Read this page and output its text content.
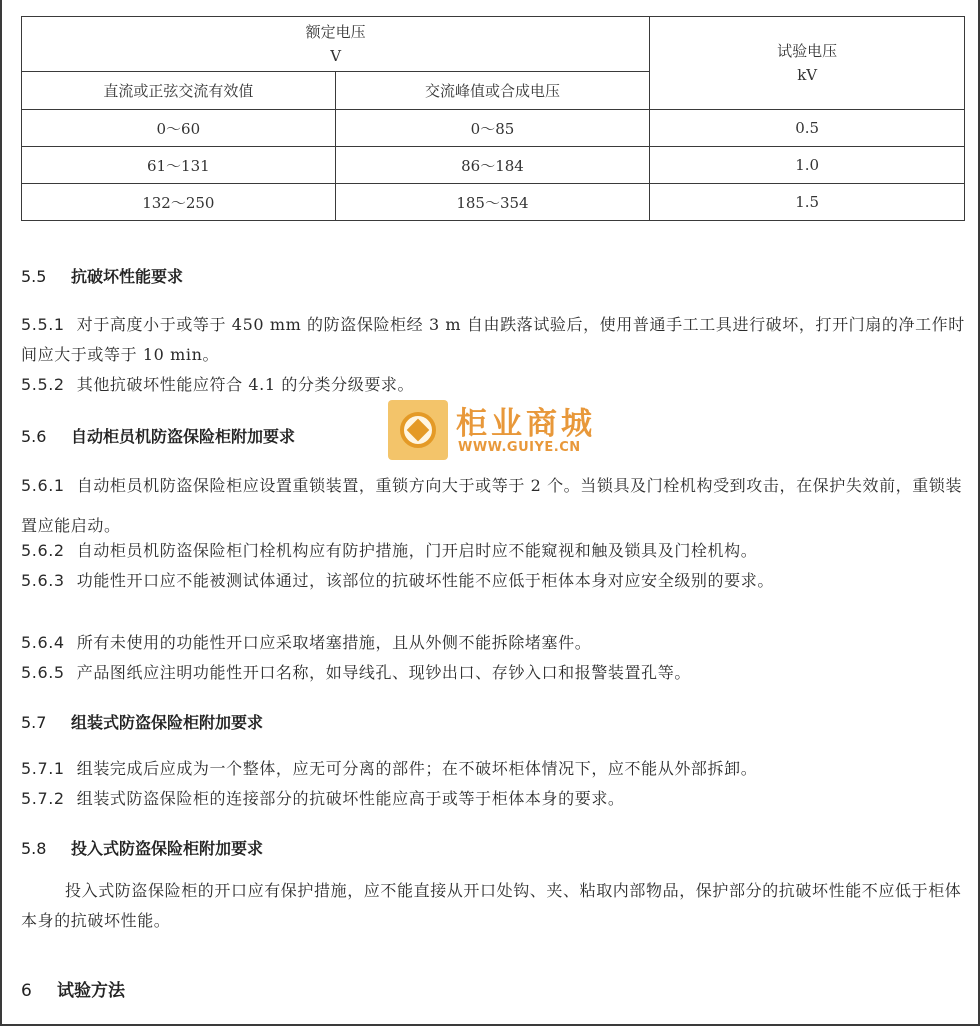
额定电压
V		试验电压
kV

直流或正弦交流有效值	交流峰值或合成电压	
0～60	0～85	0.5
61～131	86～184	1.0
132～250	185～354	1.5
5.5 抗破坏性能要求
5.5.1 对于高度小于或等于 450 mm 的防盗保险柜经 3 m 自由跌落试验后，使用普通手工工具进行破坏，打开门扇的净工作时间应大于或等于 10 min。
5.5.2 其他抗破坏性能应符合 4.1 的分类分级要求。
5.6 自动柜员机防盗保险柜附加要求	柜业商城
WWW.GUIYE.CN
5.6.1 自动柜员机防盗保险柜应设置重锁装置，重锁方向大于或等于 2 个。当锁具及门栓机构受到攻击，在保护失效前，重锁装置应能启动。
5.6.2 自动柜员机防盗保险柜门栓机构应有防护措施，门开启时应不能窥视和触及锁具及门栓机构。
5.6.3 功能性开口应不能被测试体通过，该部位的抗破坏性能不应低于柜体本身对应安全级别的要求。
5.6.4 所有未使用的功能性开口应采取堵塞措施，且从外侧不能拆除堵塞件。
5.6.5 产品图纸应注明功能性开口名称，如导线孔、现钞出口、存钞入口和报警装置孔等。
5.7 组装式防盗保险柜附加要求
5.7.1 组装完成后应成为一个整体，应无可分离的部件；在不破坏柜体情况下，应不能从外部拆卸。
5.7.2 组装式防盗保险柜的连接部分的抗破坏性能应高于或等于柜体本身的要求。
5.8 投入式防盗保险柜附加要求
投入式防盗保险柜的开口应有保护措施，应不能直接从开口处钩、夹、粘取内部物品，保护部分的抗破坏性能不应低于柜体本身的抗破坏性能。
6 试验方法
